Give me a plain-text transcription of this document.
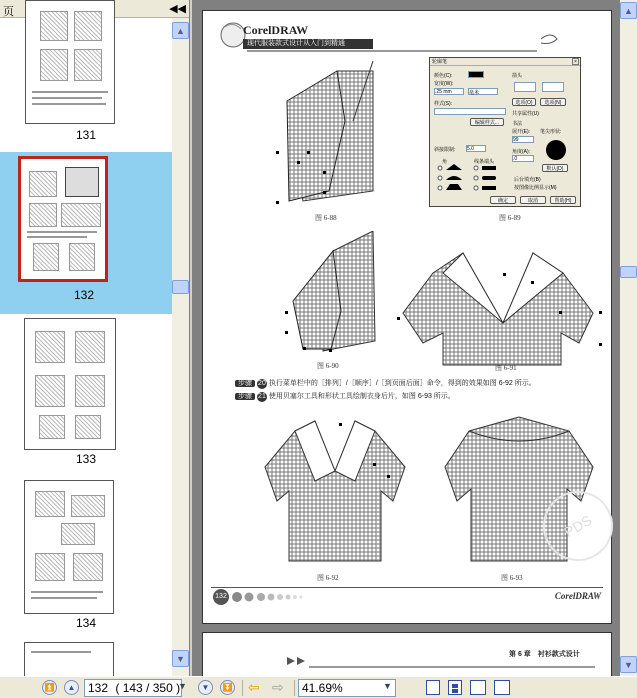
页	◀◀
131
132
133
134
▲
▼
CorelDRAW
现代服装款式设计从入门到精通
图 6-88
轮廓笔	×
颜色(C):
宽度(W):
.25 mm	毫米
样式(S):
编辑样式...
箭头
选项(O)	选项(N)
共享属性(U)
书法
展开(E):
99
笔尖形状:
角度(A):
.0
默认(D)
斜接限制: 5.0
角	线条端头
后台填充(B)
按图像比例显示(M)
确定	取消	帮助(H)
图 6-89
图 6-90	图 6-91
步骤 20 执行菜单栏中的［排列］/［顺序］/［到页面后面］命令，得到的效果如图 6-92 所示。
步骤 21 使用贝塞尔工具和形状工具绘制衣身后片，如图 6-93 所示。
图 6-92	图 6-93
PDS
132	CorelDRAW
第 6 章　衬衫款式设计
▲
▼
⏫	▲	132 ( 143 / 350 )
▼	▼	⏬ ⇦ ⇨	41.69%	▼
